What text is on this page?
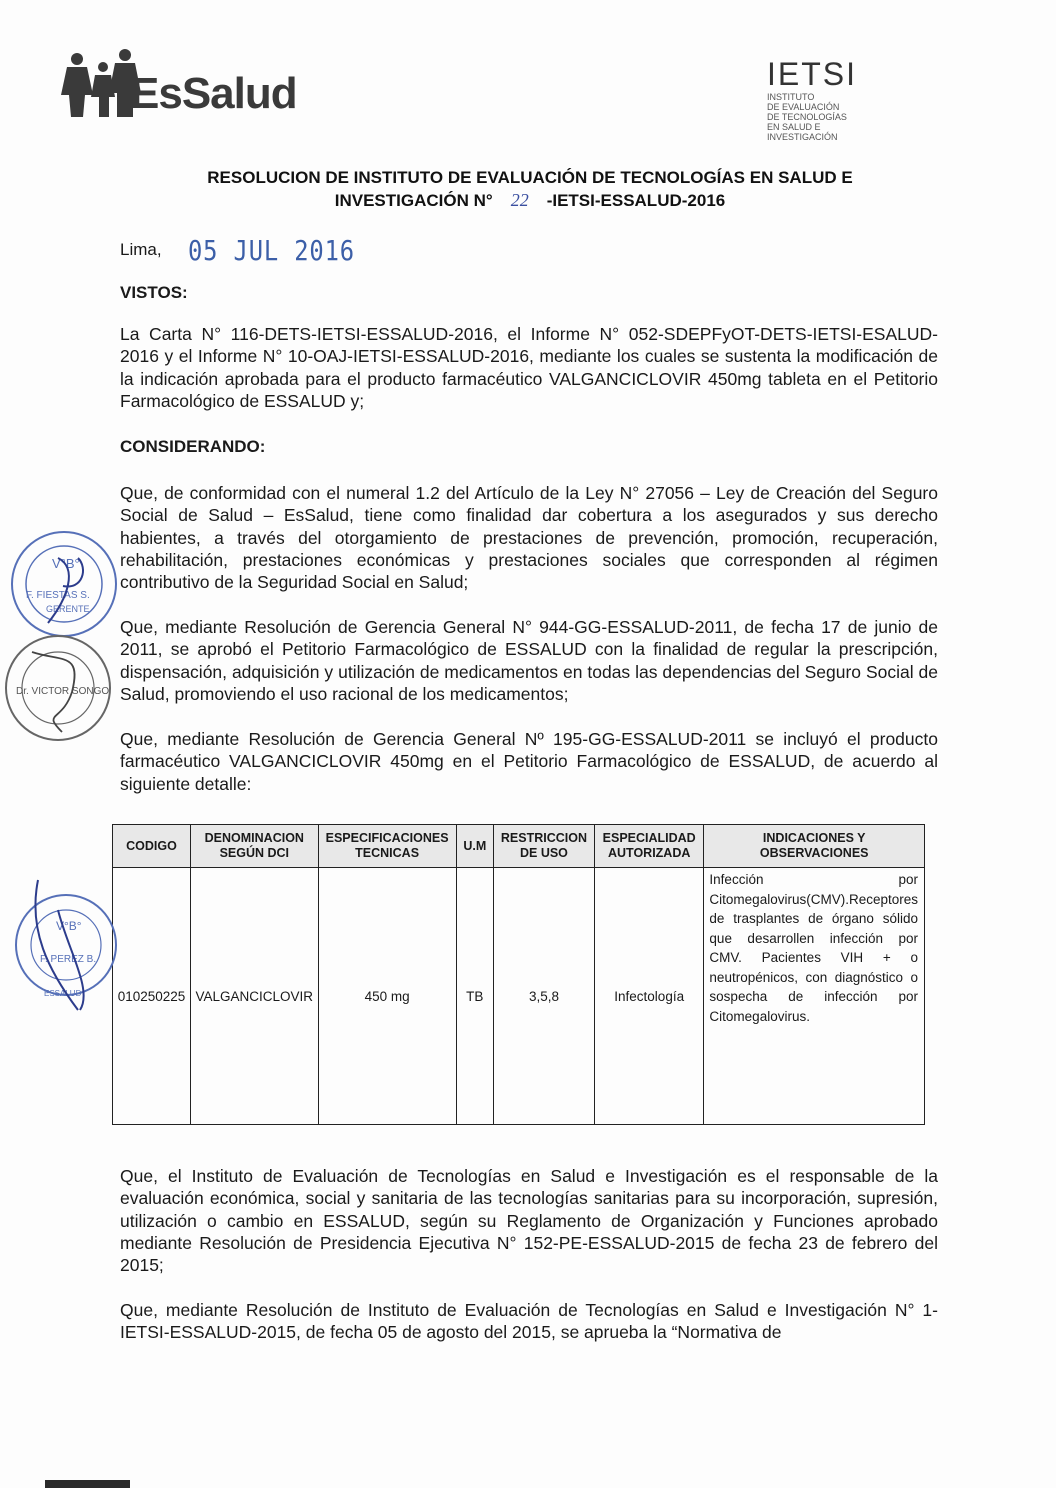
EsSalud	IETSI
INSTITUTO
DE EVALUACIÓN
DE TECNOLOGÍAS
EN SALUD E
INVESTIGACIÓN
RESOLUCION DE INSTITUTO DE EVALUACIÓN DE TECNOLOGÍAS EN SALUD E
INVESTIGACIÓN N° 22 -IETSI-ESSALUD-2016
Lima, 05 JUL 2016
VISTOS:
La Carta N° 116-DETS-IETSI-ESSALUD-2016, el Informe N° 052-SDEPFyOT-DETS-IETSI-ESALUD-2016 y el Informe N° 10-OAJ-IETSI-ESSALUD-2016, mediante los cuales se sustenta la modificación de la indicación aprobada para el producto farmacéutico VALGANCICLOVIR 450mg tableta en el Petitorio Farmacológico de ESSALUD y;
CONSIDERANDO:
Que, de conformidad con el numeral 1.2 del Artículo de la Ley N° 27056 – Ley de Creación del Seguro Social de Salud – EsSalud, tiene como finalidad dar cobertura a los asegurados y sus derecho habientes, a través del otorgamiento de prestaciones de prevención, promoción, recuperación, rehabilitación, prestaciones económicas y prestaciones sociales que corresponden al régimen contributivo de la Seguridad Social en Salud;
Que, mediante Resolución de Gerencia General N° 944-GG-ESSALUD-2011, de fecha 17 de junio de 2011, se aprobó el Petitorio Farmacológico de ESSALUD con la finalidad de regular la prescripción, dispensación, adquisición y utilización de medicamentos en todas las dependencias del Seguro Social de Salud, promoviendo el uso racional de los medicamentos;
Que, mediante Resolución de Gerencia General Nº 195-GG-ESSALUD-2011 se incluyó el producto farmacéutico VALGANCICLOVIR 450mg en el Petitorio Farmacológico de ESSALUD, de acuerdo al siguiente detalle:
CODIGO	DENOMINACION SEGÚN DCI	ESPECIFICACIONES TECNICAS	U.M	RESTRICCION DE USO	ESPECIALIDAD AUTORIZADA	INDICACIONES Y OBSERVACIONES
010250225	VALGANCICLOVIR	450 mg	TB	3,5,8	Infectología	Infección por Citomegalovirus(CMV).Receptores de trasplantes de órgano sólido que desarrollen infección por CMV. Pacientes VIH + o neutropénicos, con diagnóstico o sospecha de infección por Citomegalovirus.
Que, el Instituto de Evaluación de Tecnologías en Salud e Investigación es el responsable de la evaluación económica, social y sanitaria de las tecnologías sanitarias para su incorporación, supresión, utilización o cambio en ESSALUD, según su Reglamento de Organización y Funciones aprobado mediante Resolución de Presidencia Ejecutiva N° 152-PE-ESSALUD-2015 de fecha 23 de febrero del 2015;
Que, mediante Resolución de Instituto de Evaluación de Tecnologías en Salud e Investigación N° 1-IETSI-ESSALUD-2015, de fecha 05 de agosto del 2015, se aprueba la “Normativa de
V°B°
F. FIESTAS S.
GERENTE
Dr. VICTOR SONGO
V°B°
F. PEREZ B.
ESSALUD
